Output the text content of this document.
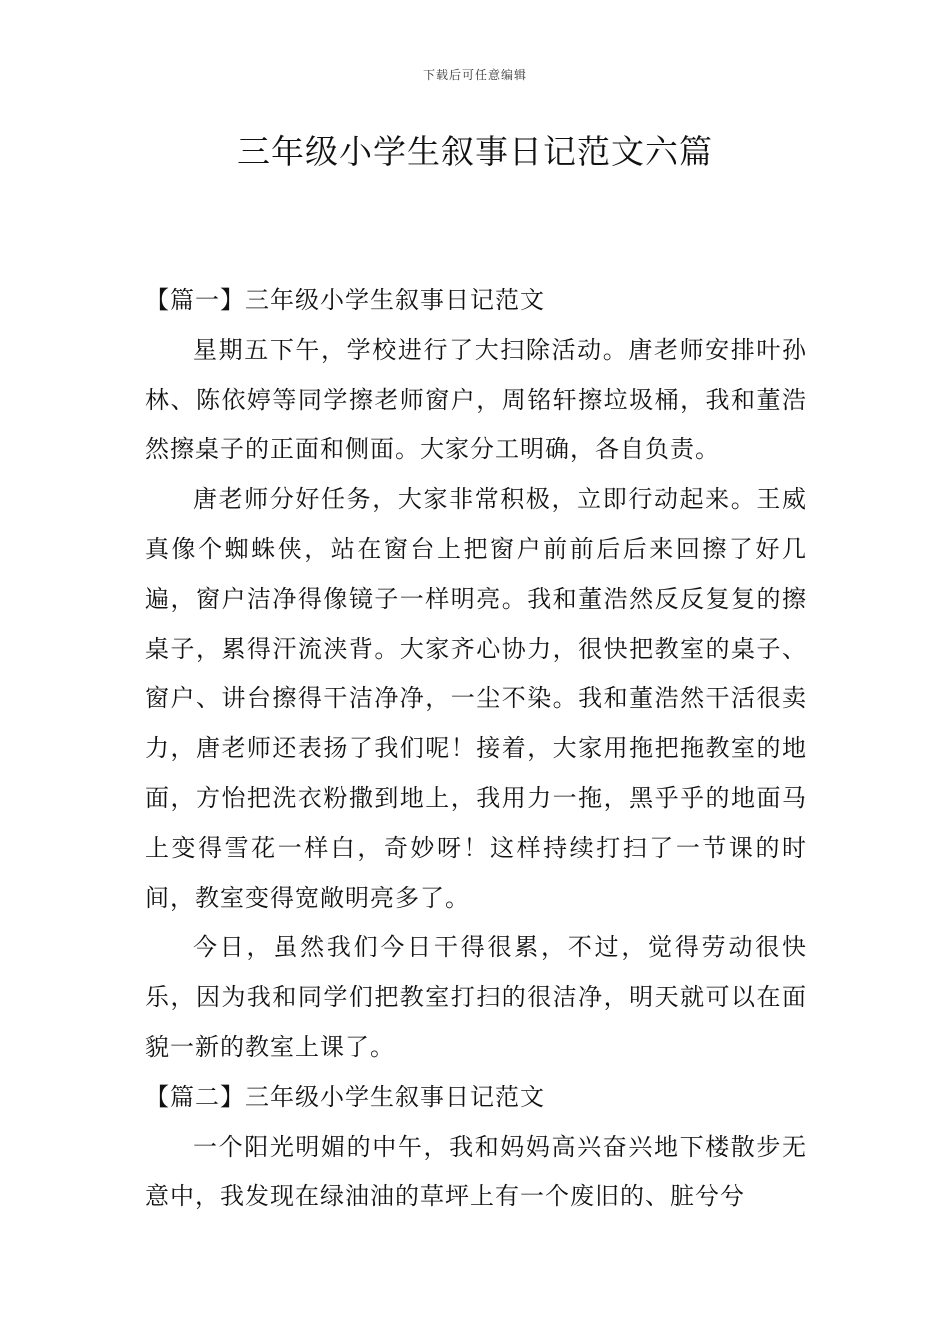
下载后可任意编辑
三年级小学生叙事日记范文六篇
【篇一】三年级小学生叙事日记范文

星期五下午，学校进行了大扫除活动。唐老师安排叶孙林、陈依婷等同学擦老师窗户，周铭轩擦垃圾桶，我和董浩然擦桌子的正面和侧面。大家分工明确，各自负责。

唐老师分好任务，大家非常积极，立即行动起来。王威真像个蜘蛛侠，站在窗台上把窗户前前后后来回擦了好几遍，窗户洁净得像镜子一样明亮。我和董浩然反反复复的擦桌子，累得汗流浃背。大家齐心协力，很快把教室的桌子、窗户、讲台擦得干洁净净，一尘不染。我和董浩然干活很卖力，唐老师还表扬了我们呢！接着，大家用拖把拖教室的地面，方怡把洗衣粉撒到地上，我用力一拖，黑乎乎的地面马上变得雪花一样白，奇妙呀！这样持续打扫了一节课的时间，教室变得宽敞明亮多了。

今日，虽然我们今日干得很累，不过，觉得劳动很快乐，因为我和同学们把教室打扫的很洁净，明天就可以在面貌一新的教室上课了。

【篇二】三年级小学生叙事日记范文

一个阳光明媚的中午，我和妈妈高兴奋兴地下楼散步无意中，我发现在绿油油的草坪上有一个废旧的、脏兮兮
